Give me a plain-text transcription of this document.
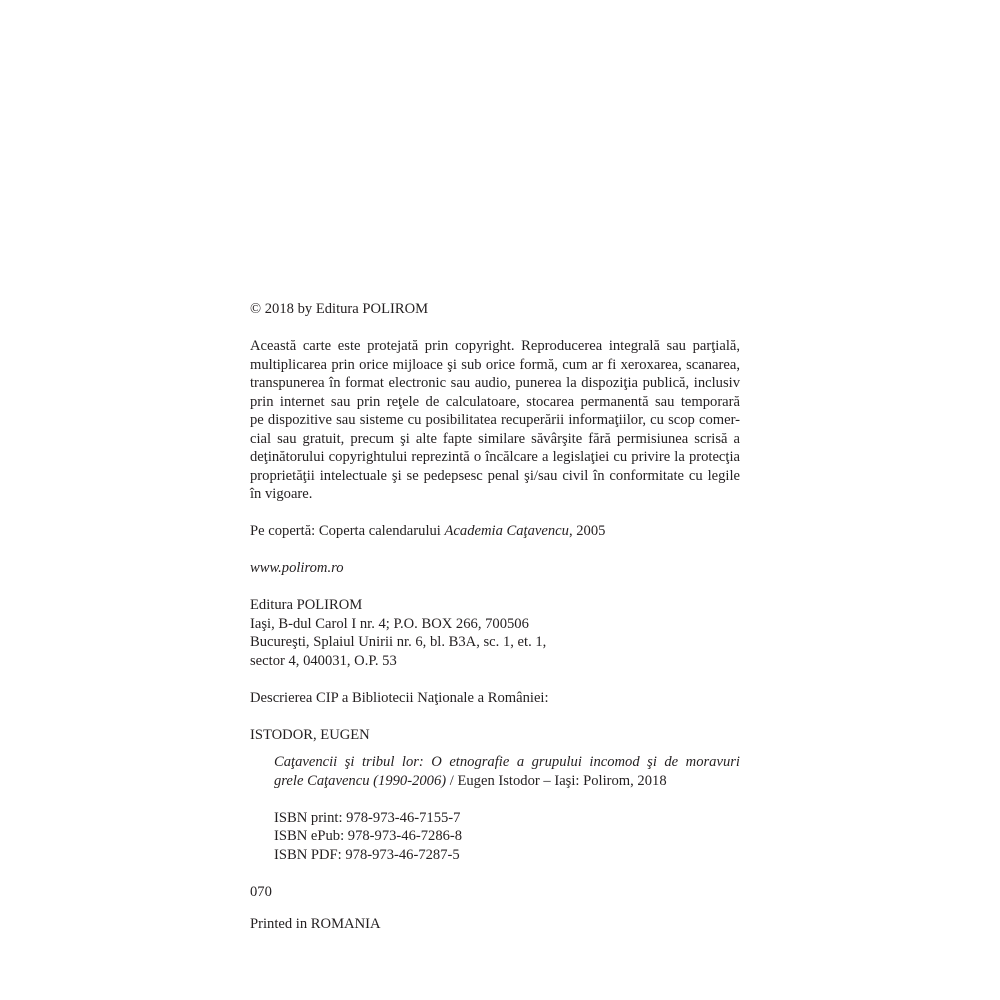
© 2018 by Editura POLIROM

Această carte este protejată prin copyright. Reproducerea integrală sau parţială,
multiplicarea prin orice mijloace şi sub orice formă, cum ar fi xeroxarea, scanarea,
transpunerea în format electronic sau audio, punerea la dispoziţia publică, inclusiv
prin internet sau prin reţele de calculatoare, stocarea permanentă sau temporară
pe dispozitive sau sisteme cu posibilitatea recuperării informaţiilor, cu scop comer-
cial sau gratuit, precum şi alte fapte similare săvârşite fără permisiunea scrisă a
deţinătorului copyrightului reprezintă o încălcare a legislaţiei cu privire la protecţia
proprietăţii intelectuale şi se pedepsesc penal şi/sau civil în conformitate cu legile
în vigoare.

Pe copertă: Coperta calendarului Academia Caţavencu, 2005

www.polirom.ro

Editura POLIROM
Iaşi, B-dul Carol I nr. 4; P.O. BOX 266, 700506
Bucureşti, Splaiul Unirii nr. 6, bl. B3A, sc. 1, et. 1,
sector 4, 040031, O.P. 53

Descrierea CIP a Bibliotecii Naţionale a României:

ISTODOR, EUGEN

Caţavencii şi tribul lor: O etnografie a grupului incomod şi de moravuri
grele Caţavencu (1990-2006) / Eugen Istodor – Iaşi: Polirom, 2018
ISBN print: 978-973-46-7155-7
ISBN ePub: 978-973-46-7286-8
ISBN PDF: 978-973-46-7287-5

070

Printed in ROMANIA
